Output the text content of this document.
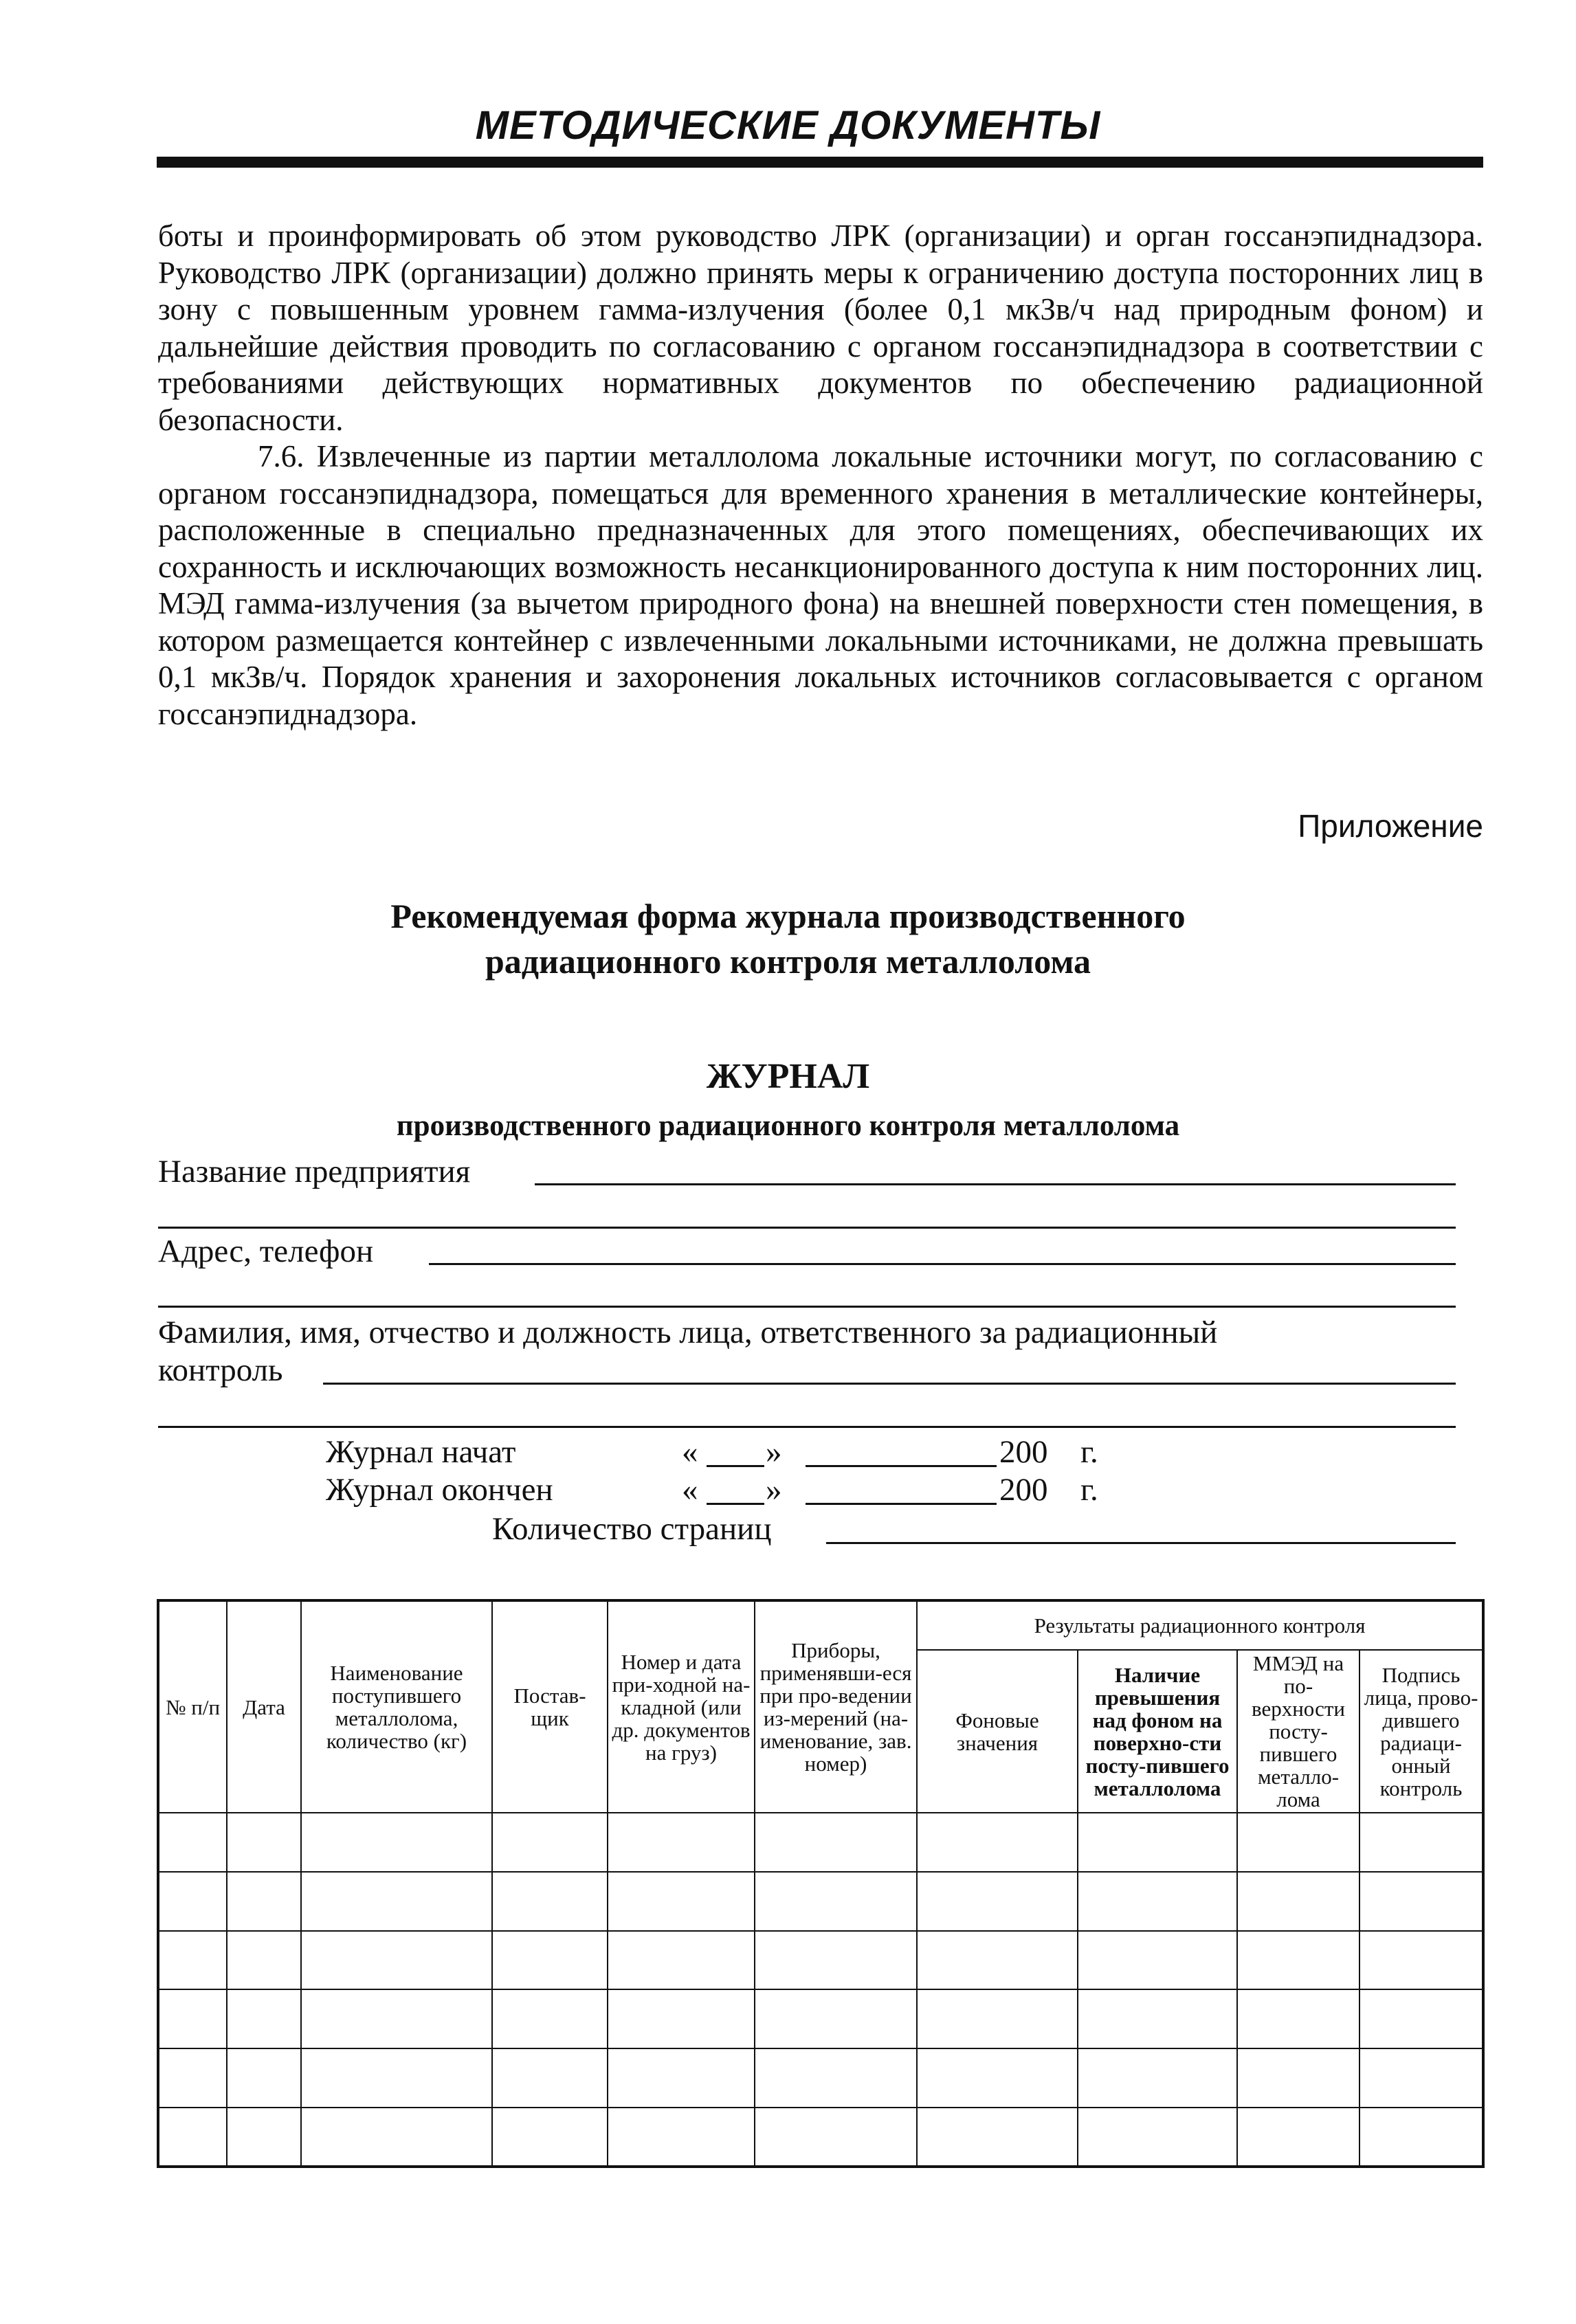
МЕТОДИЧЕСКИЕ ДОКУМЕНТЫ

боты и проинформировать об этом руководство ЛРК (организации) и орган госсанэпиднадзора. Руководство ЛРК (организации) должно принять меры к ограничению доступа посторонних лиц в зону с повышенным уровнем гамма-излучения (более 0,1 мкЗв/ч над природным фоном) и дальнейшие действия проводить по согласованию с органом госсанэпиднадзора в соответствии с требованиями действующих нормативных документов по обеспечению радиационной безопасности.

7.6. Извлеченные из партии металлолома локальные источники могут, по согласованию с органом госсанэпиднадзора, помещаться для временного хранения в металлические контейнеры, расположенные в специально предназначенных для этого помещениях, обеспечивающих их сохранность и исключающих возможность несанкционированного доступа к ним посторонних лиц. МЭД гамма-излучения (за вычетом природного фона) на внешней поверхности стен помещения, в котором размещается контейнер с извлеченными локальными источниками, не должна превышать 0,1 мкЗв/ч. Порядок хранения и захоронения локальных источников согласовывается с органом госсанэпиднадзора.

Приложение
Рекомендуемая форма журнала производственного
радиационного контроля металлолома
ЖУРНАЛ
производственного радиационного контроля металлолома
Название предприятия
Адрес, телефон
Фамилия, имя, отчество и должность лица, ответственного за радиационный
контроль
Журнал начат	« »	200 г.
Журнал окончен	« »	200 г.
Количество страниц
№ п/п	Дата	Наименование поступившего металлолома, количество (кг)	Постав-щик	Номер и дата при-ходной на-кладной (или др. документов на груз)	Приборы, применявши-еся при про-ведении из-мерений (на-именование, зав. номер)	Результаты радиационного контроля			
						Фоновые значения	Наличие превышения над фоном на поверхно-сти посту-пившего металлолома	ММЭД на по-верхности посту-пившего металло-лома	Подпись лица, прово-дившего радиаци-онный контроль
